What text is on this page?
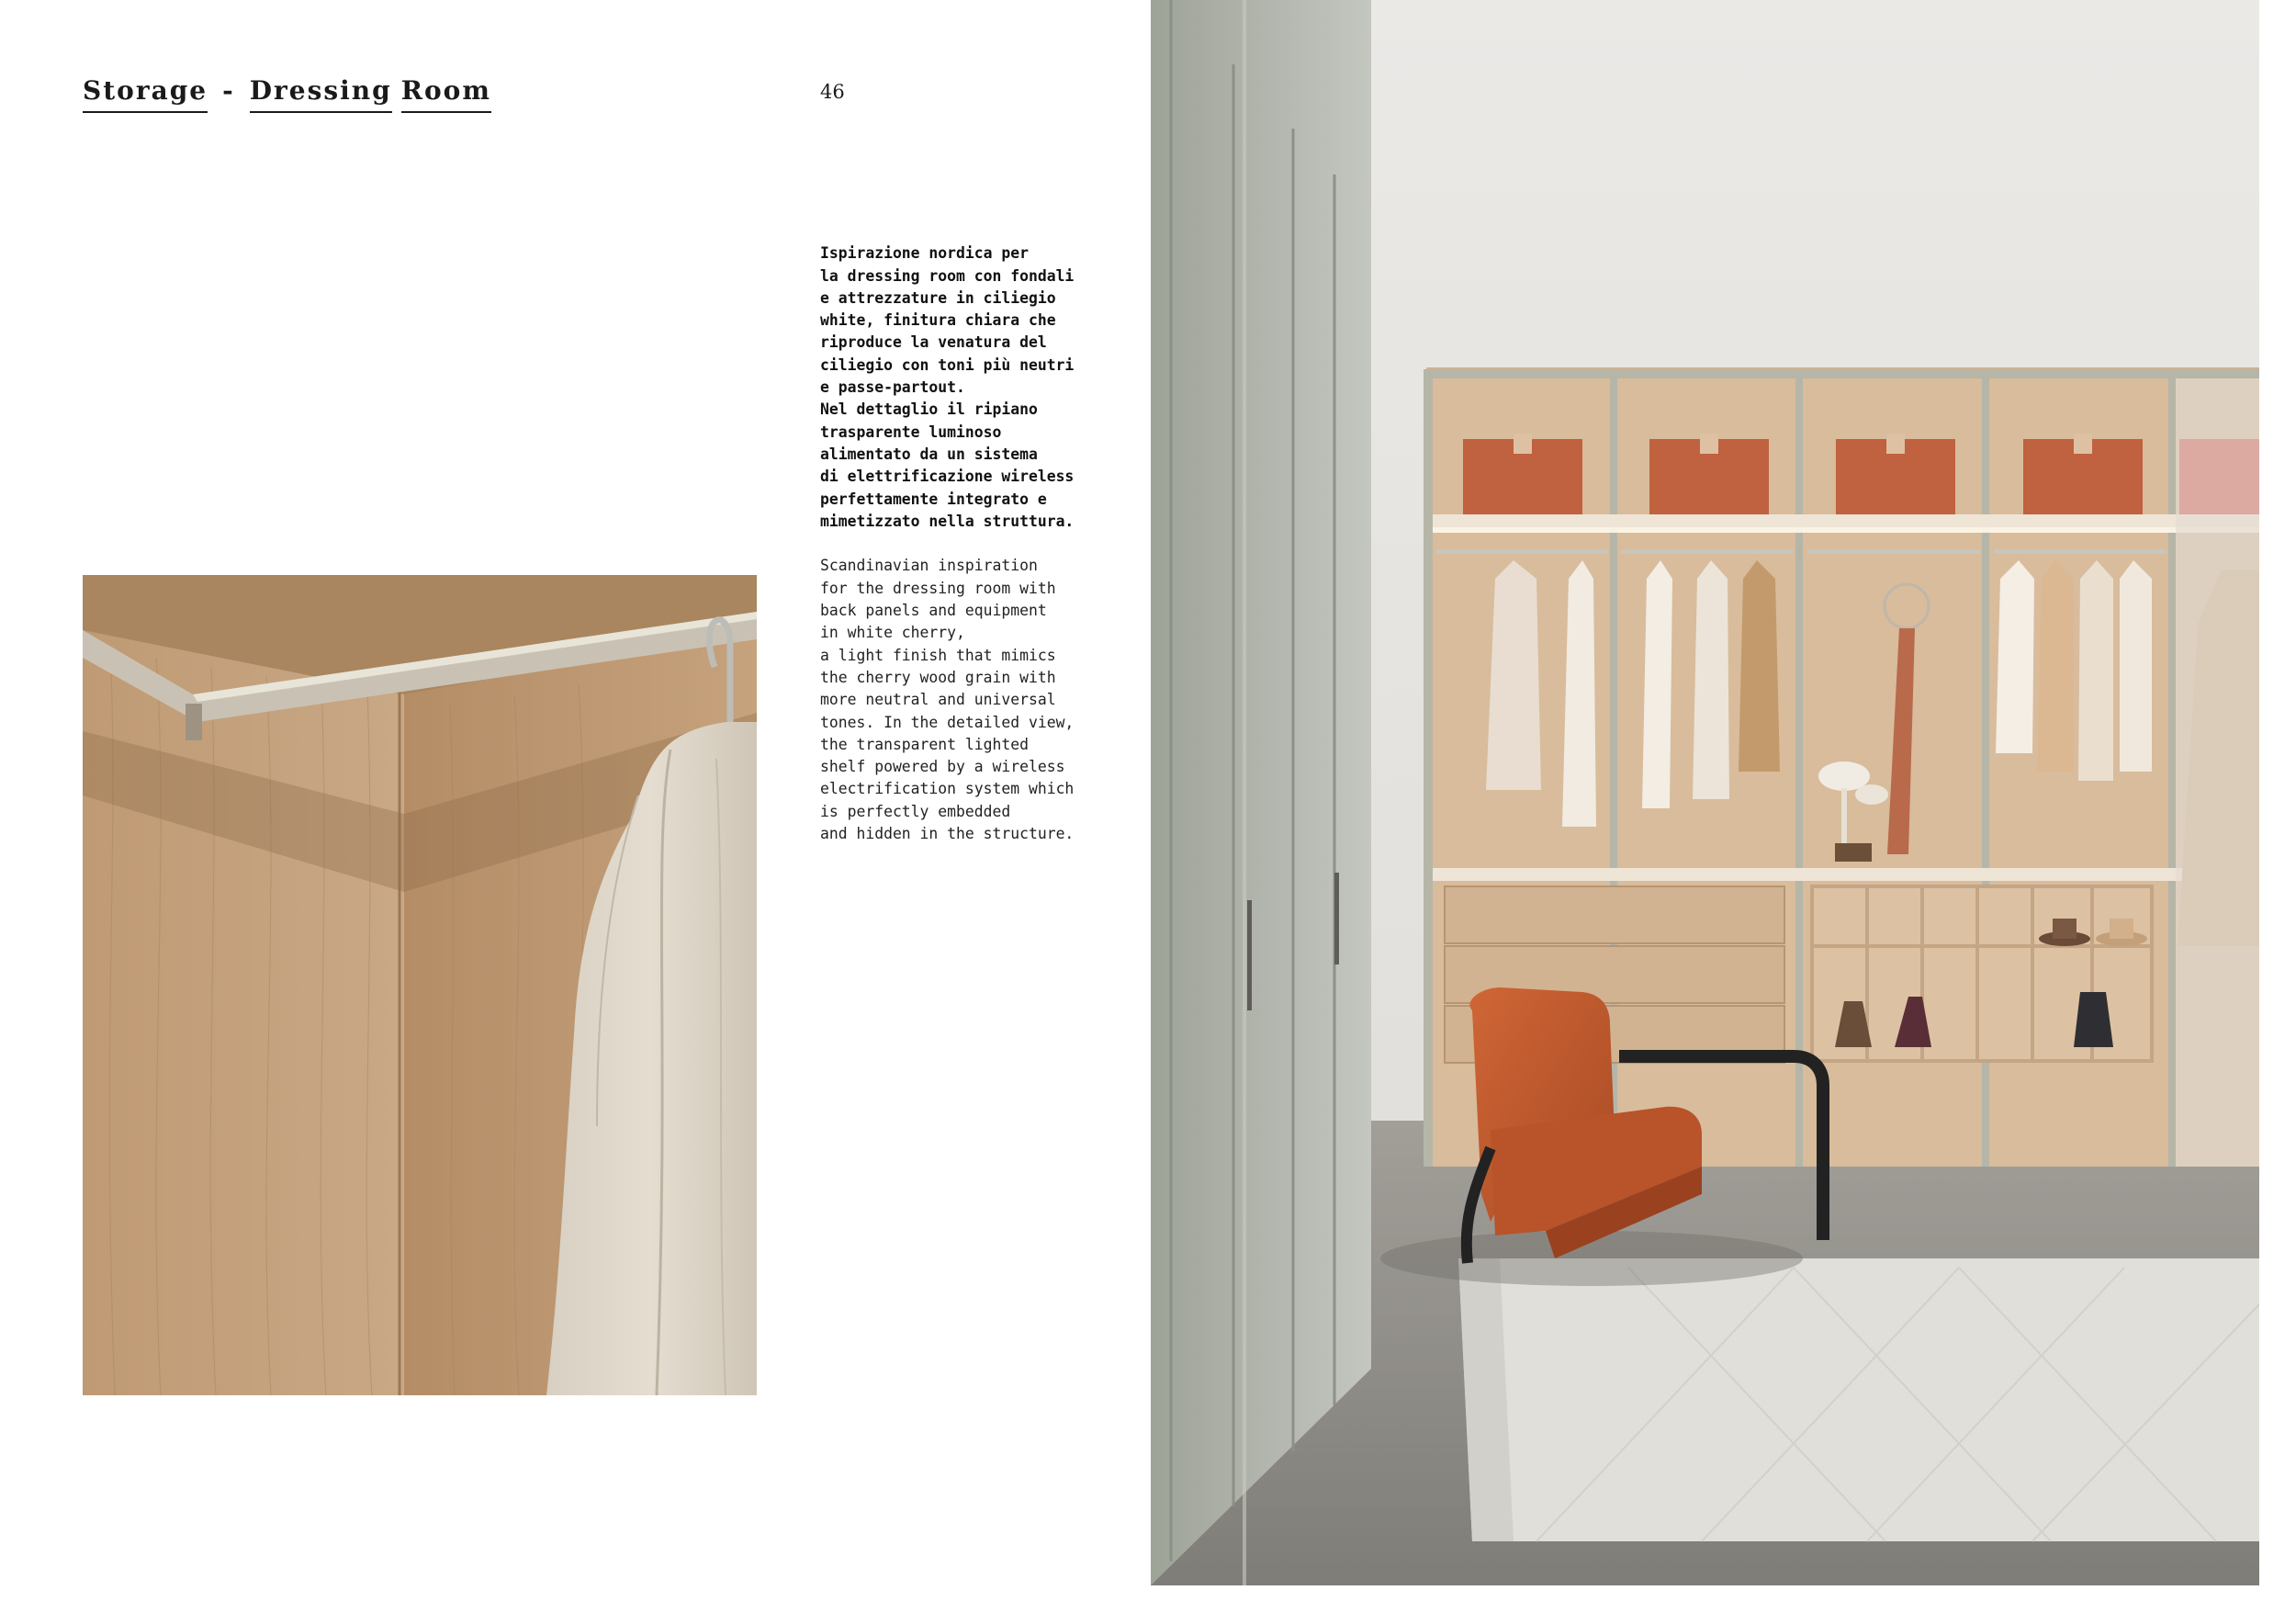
Storage - Dressing Room	46

Ispirazione nordica per
la dressing room con fondali
e attrezzature in ciliegio
white, finitura chiara che
riproduce la venatura del
ciliegio con toni più neutri
e passe-partout.
Nel dettaglio il ripiano
trasparente luminoso
alimentato da un sistema
di elettrificazione wireless
perfettamente integrato e
mimetizzato nella struttura.

Scandinavian inspiration
for the dressing room with
back panels and equipment
in white cherry,
a light finish that mimics
the cherry wood grain with
more neutral and universal
tones. In the detailed view,
the transparent lighted
shelf powered by a wireless
electrification system which
is perfectly embedded
and hidden in the structure.
